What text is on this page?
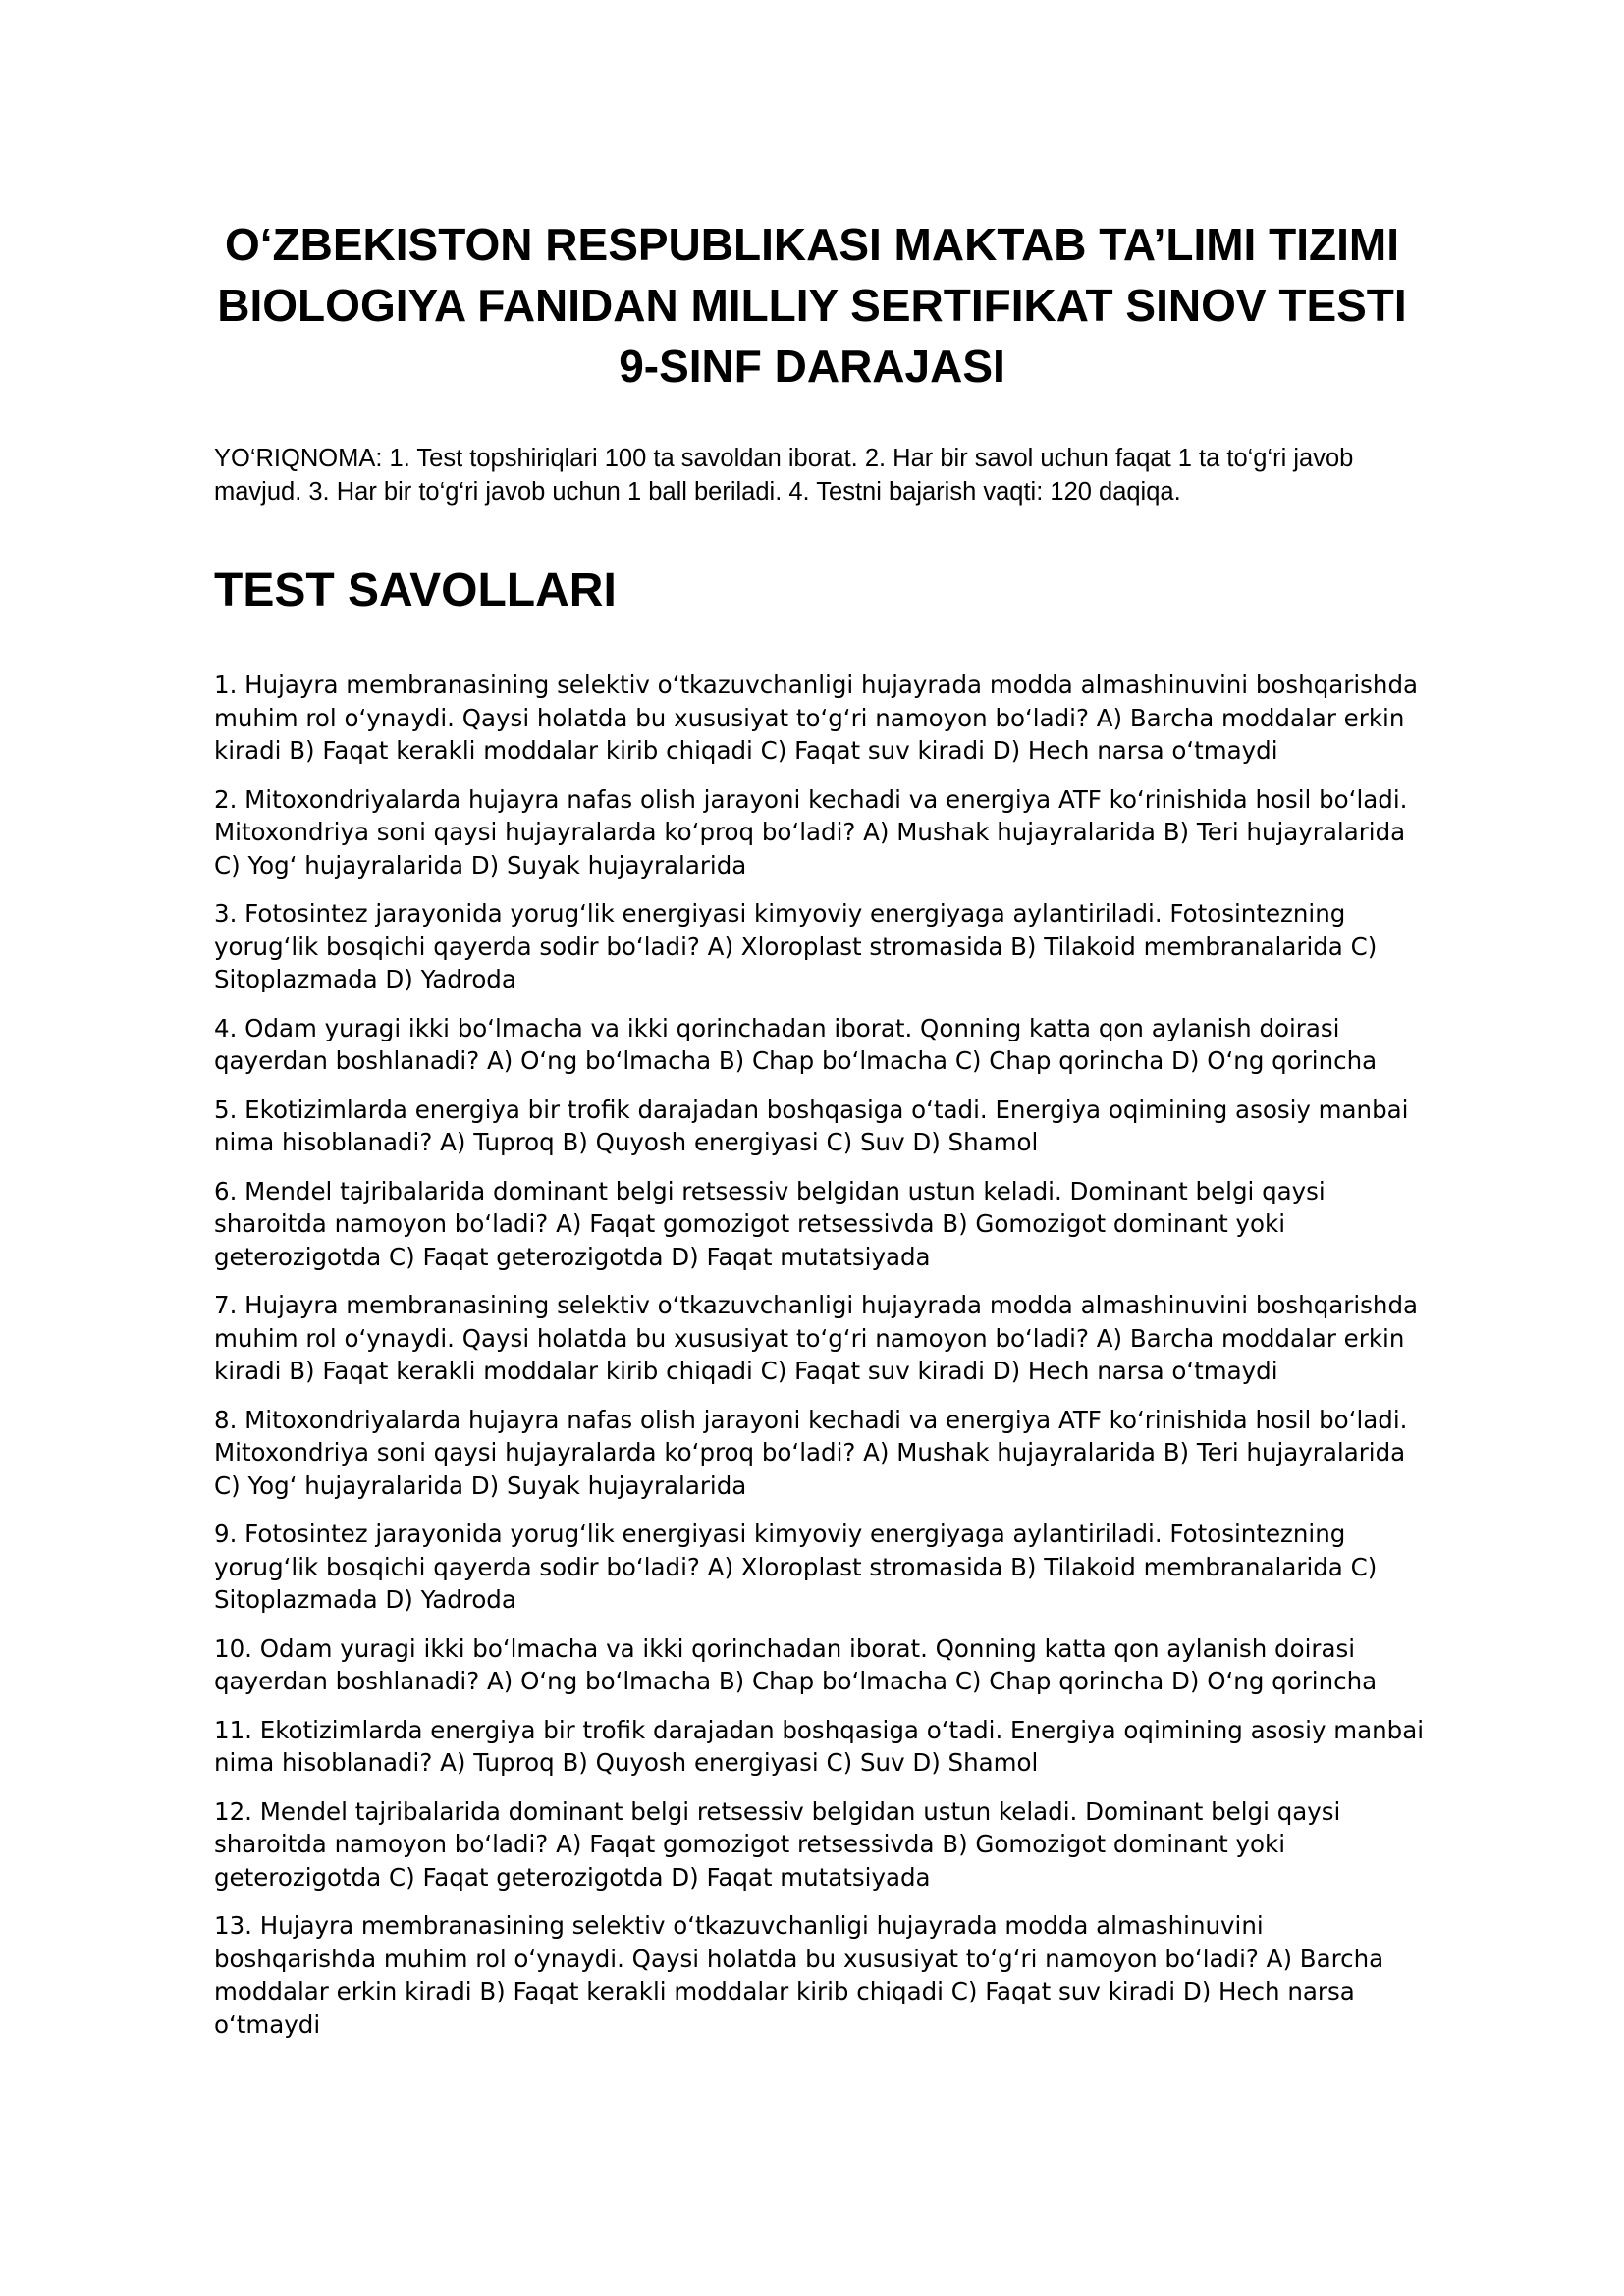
O‘ZBEKISTON RESPUBLIKASI MAKTAB TA’LIMI TIZIMI BIOLOGIYA FANIDAN MILLIY SERTIFIKAT SINOV TESTI 9-SINF DARAJASI

YO‘RIQNOMA: 1. Test topshiriqlari 100 ta savoldan iborat. 2. Har bir savol uchun faqat 1 ta to‘g‘ri javob mavjud. 3. Har bir to‘g‘ri javob uchun 1 ball beriladi. 4. Testni bajarish vaqti: 120 daqiqa.

TEST SAVOLLARI
1. Hujayra membranasining selektiv o‘tkazuvchanligi hujayrada modda almashinuvini boshqarishda muhim rol o‘ynaydi. Qaysi holatda bu xususiyat to‘g‘ri namoyon bo‘ladi? A) Barcha moddalar erkin kiradi B) Faqat kerakli moddalar kirib chiqadi C) Faqat suv kiradi D) Hech narsa o‘tmaydi
2. Mitoxondriyalarda hujayra nafas olish jarayoni kechadi va energiya ATF ko‘rinishida hosil bo‘ladi. Mitoxondriya soni qaysi hujayralarda ko‘proq bo‘ladi? A) Mushak hujayralarida B) Teri hujayralarida C) Yog‘ hujayralarida D) Suyak hujayralarida
3. Fotosintez jarayonida yorug‘lik energiyasi kimyoviy energiyaga aylantiriladi. Fotosintezning yorug‘lik bosqichi qayerda sodir bo‘ladi? A) Xloroplast stromasida B) Tilakoid membranalarida C) Sitoplazmada D) Yadroda
4. Odam yuragi ikki bo‘lmacha va ikki qorinchadan iborat. Qonning katta qon aylanish doirasi qayerdan boshlanadi? A) O‘ng bo‘lmacha B) Chap bo‘lmacha C) Chap qorincha D) O‘ng qorincha
5. Ekotizimlarda energiya bir trofik darajadan boshqasiga o‘tadi. Energiya oqimining asosiy manbai nima hisoblanadi? A) Tuproq B) Quyosh energiyasi C) Suv D) Shamol
6. Mendel tajribalarida dominant belgi retsessiv belgidan ustun keladi. Dominant belgi qaysi sharoitda namoyon bo‘ladi? A) Faqat gomozigot retsessivda B) Gomozigot dominant yoki geterozigotda C) Faqat geterozigotda D) Faqat mutatsiyada
7. Hujayra membranasining selektiv o‘tkazuvchanligi hujayrada modda almashinuvini boshqarishda muhim rol o‘ynaydi. Qaysi holatda bu xususiyat to‘g‘ri namoyon bo‘ladi? A) Barcha moddalar erkin kiradi B) Faqat kerakli moddalar kirib chiqadi C) Faqat suv kiradi D) Hech narsa o‘tmaydi
8. Mitoxondriyalarda hujayra nafas olish jarayoni kechadi va energiya ATF ko‘rinishida hosil bo‘ladi. Mitoxondriya soni qaysi hujayralarda ko‘proq bo‘ladi? A) Mushak hujayralarida B) Teri hujayralarida C) Yog‘ hujayralarida D) Suyak hujayralarida
9. Fotosintez jarayonida yorug‘lik energiyasi kimyoviy energiyaga aylantiriladi. Fotosintezning yorug‘lik bosqichi qayerda sodir bo‘ladi? A) Xloroplast stromasida B) Tilakoid membranalarida C) Sitoplazmada D) Yadroda
10. Odam yuragi ikki bo‘lmacha va ikki qorinchadan iborat. Qonning katta qon aylanish doirasi qayerdan boshlanadi? A) O‘ng bo‘lmacha B) Chap bo‘lmacha C) Chap qorincha D) O‘ng qorincha
11. Ekotizimlarda energiya bir trofik darajadan boshqasiga o‘tadi. Energiya oqimining asosiy manbai nima hisoblanadi? A) Tuproq B) Quyosh energiyasi C) Suv D) Shamol
12. Mendel tajribalarida dominant belgi retsessiv belgidan ustun keladi. Dominant belgi qaysi sharoitda namoyon bo‘ladi? A) Faqat gomozigot retsessivda B) Gomozigot dominant yoki geterozigotda C) Faqat geterozigotda D) Faqat mutatsiyada
13. Hujayra membranasining selektiv o‘tkazuvchanligi hujayrada modda almashinuvini boshqarishda muhim rol o‘ynaydi. Qaysi holatda bu xususiyat to‘g‘ri namoyon bo‘ladi? A) Barcha moddalar erkin kiradi B) Faqat kerakli moddalar kirib chiqadi C) Faqat suv kiradi D) Hech narsa o‘tmaydi
